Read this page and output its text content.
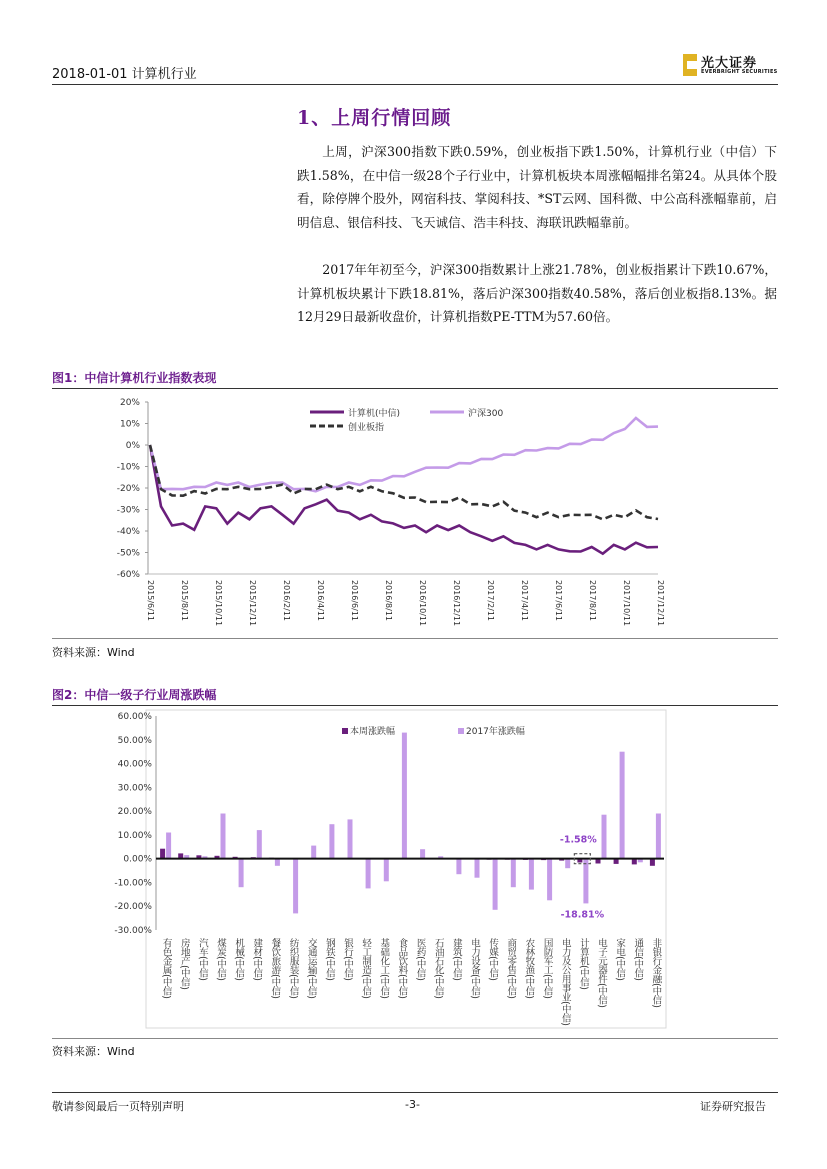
2018-01-01 计算机行业
光大证券
EVERBRIGHT SECURITIES
1、上周行情回顾
上周，沪深300指数下跌0.59%，创业板指下跌1.50%，计算机行业（中信）下跌1.58%，在中信一级28个子行业中，计算机板块本周涨幅幅排名第24。从具体个股看，除停牌个股外，网宿科技、掌阅科技、*ST云网、国科微、中公高科涨幅靠前，启明信息、银信科技、飞天诚信、浩丰科技、海联讯跌幅靠前。
2017年年初至今，沪深300指数累计上涨21.78%，创业板指累计下跌10.67%，计算机板块累计下跌18.81%，落后沪深300指数40.58%，落后创业板指8.13%。据12月29日最新收盘价，计算机指数PE-TTM为57.60倍。
图1：中信计算机行业指数表现
20%
10%
0%
-10%
-20%
-30%
-40%
-50%
-60%
2015/6/11	2015/8/11	2015/10/11	2015/12/11	2016/2/11	2016/4/11	2016/6/11	2016/8/11	2016/10/11	2016/12/11	2017/2/11	2017/4/11	2017/6/11	2017/8/11	2017/10/11	2017/12/11
计算机(中信)	沪深300
创业板指
资料来源：Wind
图2：中信一级子行业周涨跌幅
60.00%
50.00%
40.00%
30.00%
20.00%
10.00%
0.00%
-10.00%
-20.00%
-30.00%
有色金属(中信) 房地产(中信) 汽车(中信) 煤炭(中信) 机械(中信) 建材(中信) 餐饮旅游(中信) 纺织服装(中信) 交通运输(中信) 钢铁(中信) 银行(中信) 轻工制造(中信) 基础化工(中信) 食品饮料(中信) 医药(中信) 石油石化(中信) 建筑(中信) 电力设备(中信) 传媒(中信) 商贸零售(中信) 农林牧渔(中信) 国防军工(中信) 电力及公用事业(中信) 计算机(中信) 电子元器件(中信) 家电(中信) 通信(中信) 非银行金融(中信)
本周涨跌幅	2017年涨跌幅
-1.58%
-18.81%
资料来源：Wind
敬请参阅最后一页特别声明	-3-	证券研究报告
